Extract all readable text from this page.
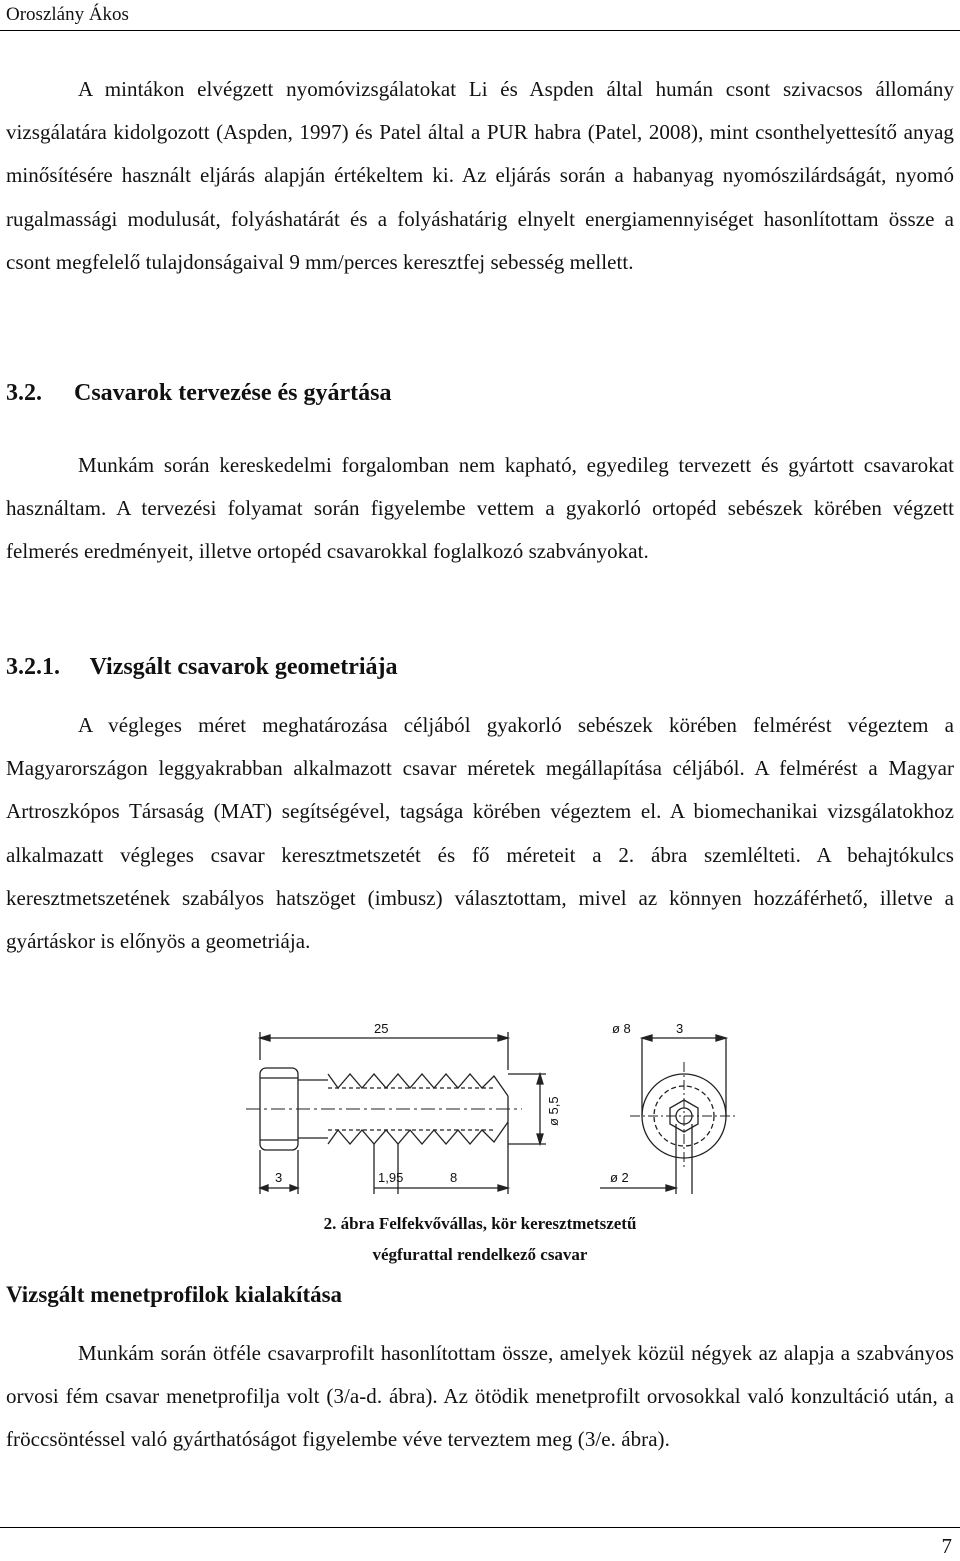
Oroszlány Ákos

A mintákon elvégzett nyomóvizsgálatokat Li és Aspden által humán csont szivacsos állomány vizsgálatára kidolgozott (Aspden, 1997) és Patel által a PUR habra (Patel, 2008), mint csonthelyettesítő anyag minősítésére használt eljárás alapján értékeltem ki. Az eljárás során a habanyag nyomószilárdságát, nyomó rugalmassági modulusát, folyáshatárát és a folyáshatárig elnyelt energiamennyiséget hasonlítottam össze a csont megfelelő tulajdonságaival 9 mm/perces keresztfej sebesség mellett.

3.2. Csavarok tervezése és gyártása

Munkám során kereskedelmi forgalomban nem kapható, egyedileg tervezett és gyártott csavarokat használtam. A tervezési folyamat során figyelembe vettem a gyakorló ortopéd sebészek körében végzett felmerés eredményeit, illetve ortopéd csavarokkal foglalkozó szabványokat.

3.2.1. Vizsgált csavarok geometriája

A végleges méret meghatározása céljából gyakorló sebészek körében felmérést végeztem a Magyarországon leggyakrabban alkalmazott csavar méretek megállapítása céljából. A felmérést a Magyar Artroszkópos Társaság (MAT) segítségével, tagsága körében végeztem el. A biomechanikai vizsgálatokhoz alkalmazatt végleges csavar keresztmetszetét és fő méreteit a 2. ábra szemlélteti. A behajtókulcs keresztmetszetének szabályos hatszöget (imbusz) választottam, mivel az könnyen hozzáférhető, illetve a gyártáskor is előnyös a geometriája.

25
3	1,95	8
ø 5,5
ø 8	3
ø 2

2. ábra Felfekvővállas, kör keresztmetszetű
végfurattal rendelkező csavar

Vizsgált menetprofilok kialakítása

Munkám során ötféle csavarprofilt hasonlítottam össze, amelyek közül négyek az alapja a szabványos orvosi fém csavar menetprofilja volt (3/a-d. ábra). Az ötödik menetprofilt orvosokkal való konzultáció után, a fröccsöntéssel való gyárthatóságot figyelembe véve terveztem meg (3/e. ábra).

7
